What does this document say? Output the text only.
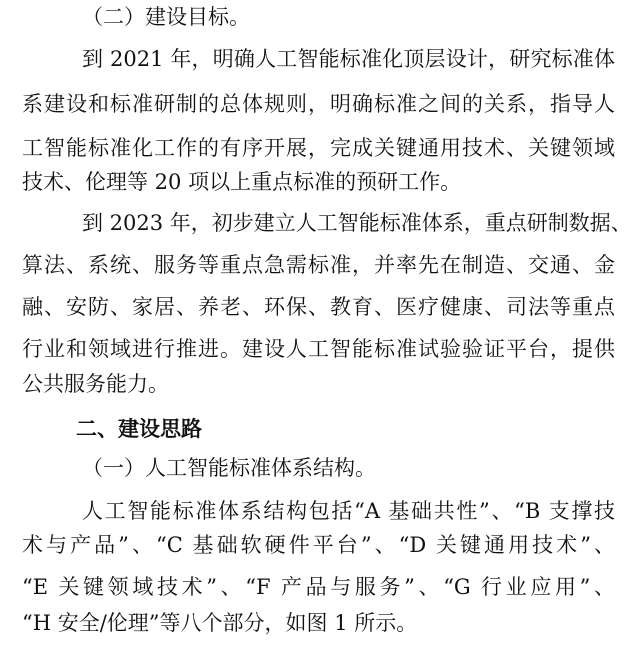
（二）建设目标。
到 2021 年，明确人工智能标准化顶层设计，研究标准体
系建设和标准研制的总体规则，明确标准之间的关系，指导人
工智能标准化工作的有序开展，完成关键通用技术、关键领域
技术、伦理等 20 项以上重点标准的预研工作。
到 2023 年，初步建立人工智能标准体系，重点研制数据、
算法、系统、服务等重点急需标准，并率先在制造、交通、金
融、安防、家居、养老、环保、教育、医疗健康、司法等重点
行业和领域进行推进。建设人工智能标准试验验证平台，提供
公共服务能力。
二、建设思路
（一）人工智能标准体系结构。
人工智能标准体系结构包括“A 基础共性”、“B 支撑技
术与产品”、“C 基础软硬件平台”、“D 关键通用技术”、
“E 关键领域技术”、“F 产品与服务”、“G 行业应用”、
“H 安全/伦理”等八个部分，如图 1 所示。
